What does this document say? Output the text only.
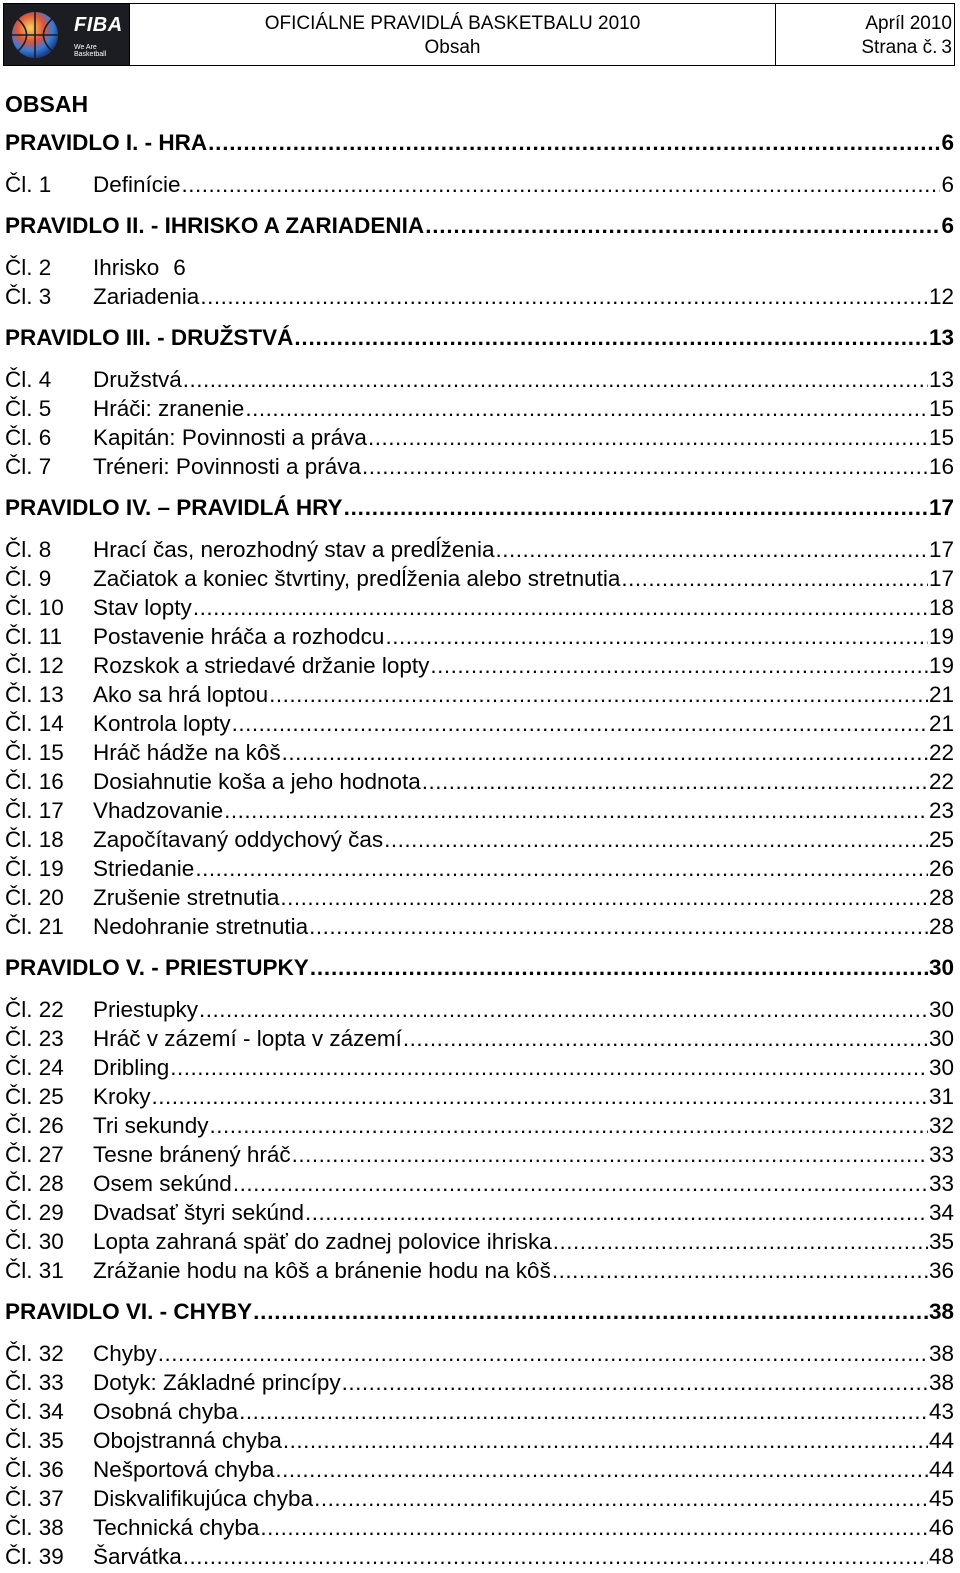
FIBA
We Are Basketball
OFICIÁLNE PRAVIDLÁ BASKETBALU 2010
Obsah
Apríl 2010
Strana č. 3
OBSAH
PRAVIDLO I. - HRA .....	6
Čl. 1	Definície .....	6
PRAVIDLO II. - IHRISKO A ZARIADENIA .....	6
Čl. 2	Ihrisko 6
Čl. 3	Zariadenia .....	12
PRAVIDLO III. - DRUŽSTVÁ .....	13
Čl. 4	Družstvá .....	13
Čl. 5	Hráči: zranenie .....	15
Čl. 6	Kapitán: Povinnosti a práva .....	15
Čl. 7	Tréneri: Povinnosti a práva .....	16
PRAVIDLO IV. – PRAVIDLÁ HRY .....	17
Čl. 8	Hrací čas, nerozhodný stav a predĺženia .....	17
Čl. 9	Začiatok a koniec štvrtiny, predĺženia alebo stretnutia .....	17
Čl. 10	Stav lopty .....	18
Čl. 11	Postavenie hráča a rozhodcu .....	19
Čl. 12	Rozskok a striedavé držanie lopty .....	19
Čl. 13	Ako sa hrá loptou .....	21
Čl. 14	Kontrola lopty .....	21
Čl. 15	Hráč hádže na kôš .....	22
Čl. 16	Dosiahnutie koša a jeho hodnota .....	22
Čl. 17	Vhadzovanie .....	23
Čl. 18	Započítavaný oddychový čas .....	25
Čl. 19	Striedanie .....	26
Čl. 20	Zrušenie stretnutia .....	28
Čl. 21	Nedohranie stretnutia .....	28
PRAVIDLO V. - PRIESTUPKY .....	30
Čl. 22	Priestupky .....	30
Čl. 23	Hráč v zázemí - lopta v zázemí .....	30
Čl. 24	Dribling .....	30
Čl. 25	Kroky .....	31
Čl. 26	Tri sekundy .....	32
Čl. 27	Tesne bránený hráč .....	33
Čl. 28	Osem sekúnd .....	33
Čl. 29	Dvadsať štyri sekúnd .....	34
Čl. 30	Lopta zahraná späť do zadnej polovice ihriska .....	35
Čl. 31	Zrážanie hodu na kôš a bránenie hodu na kôš .....	36
PRAVIDLO VI. - CHYBY .....	38
Čl. 32	Chyby .....	38
Čl. 33	Dotyk: Základné princípy .....	38
Čl. 34	Osobná chyba .....	43
Čl. 35	Obojstranná chyba .....	44
Čl. 36	Nešportová chyba .....	44
Čl. 37	Diskvalifikujúca chyba .....	45
Čl. 38	Technická chyba .....	46
Čl. 39	Šarvátka .....	48
